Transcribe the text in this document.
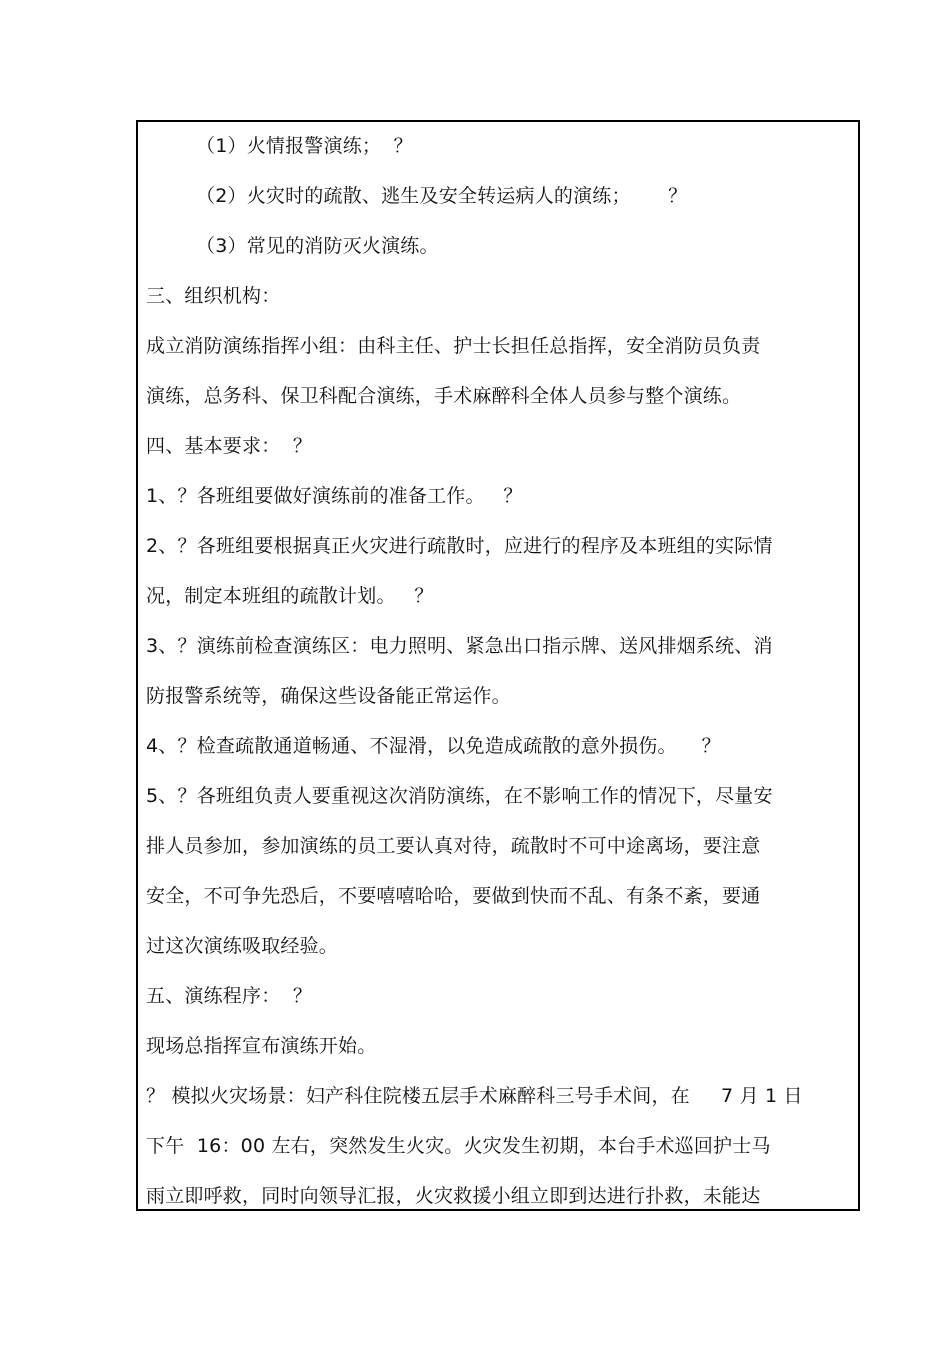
（1）火情报警演练；  ？
（2）火灾时的疏散、逃生及安全转运病人的演练；      ？
（3）常见的消防灭火演练。
三、组织机构：
成立消防演练指挥小组：由科主任、护士长担任总指挥，安全消防员负责
演练，总务科、保卫科配合演练，手术麻醉科全体人员参与整个演练。
四、基本要求：  ？
1、？各班组要做好演练前的准备工作。   ？
2、？各班组要根据真正火灾进行疏散时，应进行的程序及本班组的实际情
况，制定本班组的疏散计划。   ？
3、？演练前检查演练区：电力照明、紧急出口指示牌、送风排烟系统、消
防报警系统等，确保这些设备能正常运作。
4、？检查疏散通道畅通、不湿滑，以免造成疏散的意外损伤。    ？
5、？各班组负责人要重视这次消防演练，在不影响工作的情况下，尽量安
排人员参加，参加演练的员工要认真对待，疏散时不可中途离场，要注意
安全，不可争先恐后，不要嘻嘻哈哈，要做到快而不乱、有条不紊，要通
过这次演练吸取经验。
五、演练程序：  ？
现场总指挥宣布演练开始。
？ 模拟火灾场景：妇产科住院楼五层手术麻醉科三号手术间，在     7 月 1 日
下午  16：00 左右，突然发生火灾。火灾发生初期，本台手术巡回护士马
雨立即呼救，同时向领导汇报，火灾救援小组立即到达进行扑救，未能达
